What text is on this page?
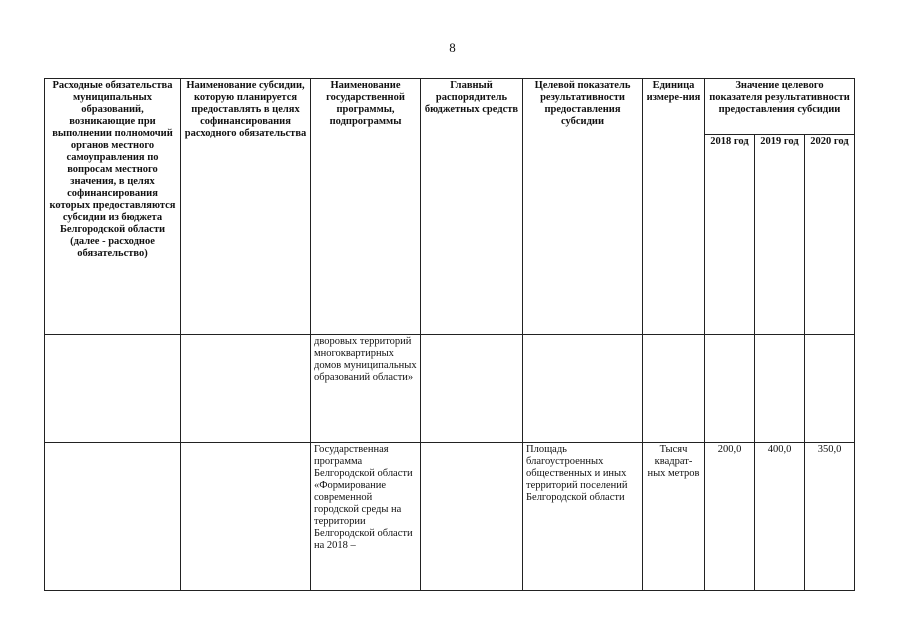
8
Расходные обязательства муниципальных образований, возникающие при выполнении полномочий органов местного самоуправления по вопросам местного значения, в целях софинансирования которых предоставляются субсидии из бюджета Белгородской области (далее - расходное обязательство)	Наименование субсидии, которую планируется предоставлять в целях софинансирования расходного обязательства	Наименование государственной программы, подпрограммы	Главный распорядитель бюджетных средств	Целевой показатель результативности предоставления субсидии	Единица измере-ния	Значение целевого показателя результативности предоставления субсидии		
						2018 год	2019 год	2020 год
		дворовых территорий многоквартирных домов муниципальных образований области»						
		Государственная программа Белгородской области «Формирование современной городской среды на территории Белгородской области на 2018 –		Площадь благоустроенных общественных и иных территорий поселений Белгородской области	Тысяч квадрат-ных метров	200,0	400,0	350,0
